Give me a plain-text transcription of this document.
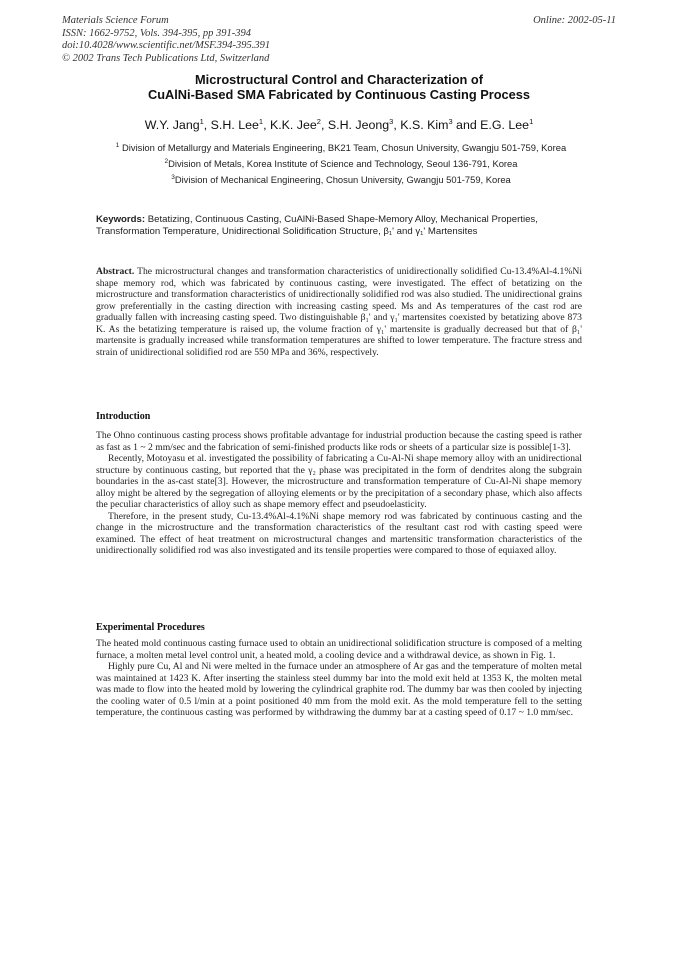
Materials Science Forum
ISSN: 1662-9752, Vols. 394-395, pp 391-394
doi:10.4028/www.scientific.net/MSF.394-395.391
© 2002 Trans Tech Publications Ltd, Switzerland
Online: 2002-05-11
Microstructural Control and Characterization of
CuAlNi-Based SMA Fabricated by Continuous Casting Process
W.Y. Jang$^1$, S.H. Lee$^1$, K.K. Jee$^2$, S.H. Jeong$^3$, K.S. Kim$^3$ and E.G. Lee$^1$
$^1$ Division of Metallurgy and Materials Engineering, BK21 Team, Chosun University, Gwangju 501-759, Korea
$^2$Division of Metals, Korea Institute of Science and Technology, Seoul 136-791, Korea
$^3$Division of Mechanical Engineering, Chosun University, Gwangju 501-759, Korea
Keywords: Betatizing, Continuous Casting, CuAlNi-Based Shape-Memory Alloy, Mechanical Properties, Transformation Temperature, Unidirectional Solidification Structure, β₁' and γ₁' Martensites

Abstract. The microstructural changes and transformation characteristics of unidirectionally solidified Cu-13.4%Al-4.1%Ni shape memory rod, which was fabricated by continuous casting, were investigated. The effect of betatizing on the microstructure and transformation characteristics of unidirectionally solidified rod was also studied. The unidirectional grains grow preferentially in the casting direction with increasing casting speed. Ms and As temperatures of the cast rod are gradually fallen with increasing casting speed. Two distinguishable β₁' and γ₁' martensites coexisted by betatizing above 873 K. As the betatizing temperature is raised up, the volume fraction of γ₁' martensite is gradually decreased but that of β₁' martensite is gradually increased while transformation temperatures are shifted to lower temperature. The fracture stress and strain of unidirectional solidified rod are 550 MPa and 36%, respectively.

Introduction

The Ohno continuous casting process shows profitable advantage for industrial production because the casting speed is rather as fast as 1 ~ 2 mm/sec and the fabrication of semi-finished products like rods or sheets of a particular size is possible[1-3].

Recently, Motoyasu et al. investigated the possibility of fabricating a Cu-Al-Ni shape memory alloy with an unidirectional structure by continuous casting, but reported that the γ₂ phase was precipitated in the form of dendrites along the subgrain boundaries in the as-cast state[3]. However, the microstructure and transformation temperature of Cu-Al-Ni shape memory alloy might be altered by the segregation of alloying elements or by the precipitation of a secondary phase, which also affects the peculiar characteristics of alloy such as shape memory effect and pseudoelasticity.

Therefore, in the present study, Cu-13.4%Al-4.1%Ni shape memory rod was fabricated by continuous casting and the change in the microstructure and the transformation characteristics of the resultant cast rod with casting speed were examined. The effect of heat treatment on microstructural changes and martensitic transformation characteristics of the unidirectionally solidified rod was also investigated and its tensile properties were compared to those of equiaxed alloy.

Experimental Procedures

The heated mold continuous casting furnace used to obtain an unidirectional solidification structure is composed of a melting furnace, a molten metal level control unit, a heated mold, a cooling device and a withdrawal device, as shown in Fig. 1.

Highly pure Cu, Al and Ni were melted in the furnace under an atmosphere of Ar gas and the temperature of molten metal was maintained at 1423 K. After inserting the stainless steel dummy bar into the mold exit held at 1353 K, the molten metal was made to flow into the heated mold by lowering the cylindrical graphite rod. The dummy bar was then cooled by injecting the cooling water of 0.5 l/min at a point positioned 40 mm from the mold exit. As the mold temperature fell to the setting temperature, the continuous casting was performed by withdrawing the dummy bar at a casting speed of 0.17 ~ 1.0 mm/sec.
